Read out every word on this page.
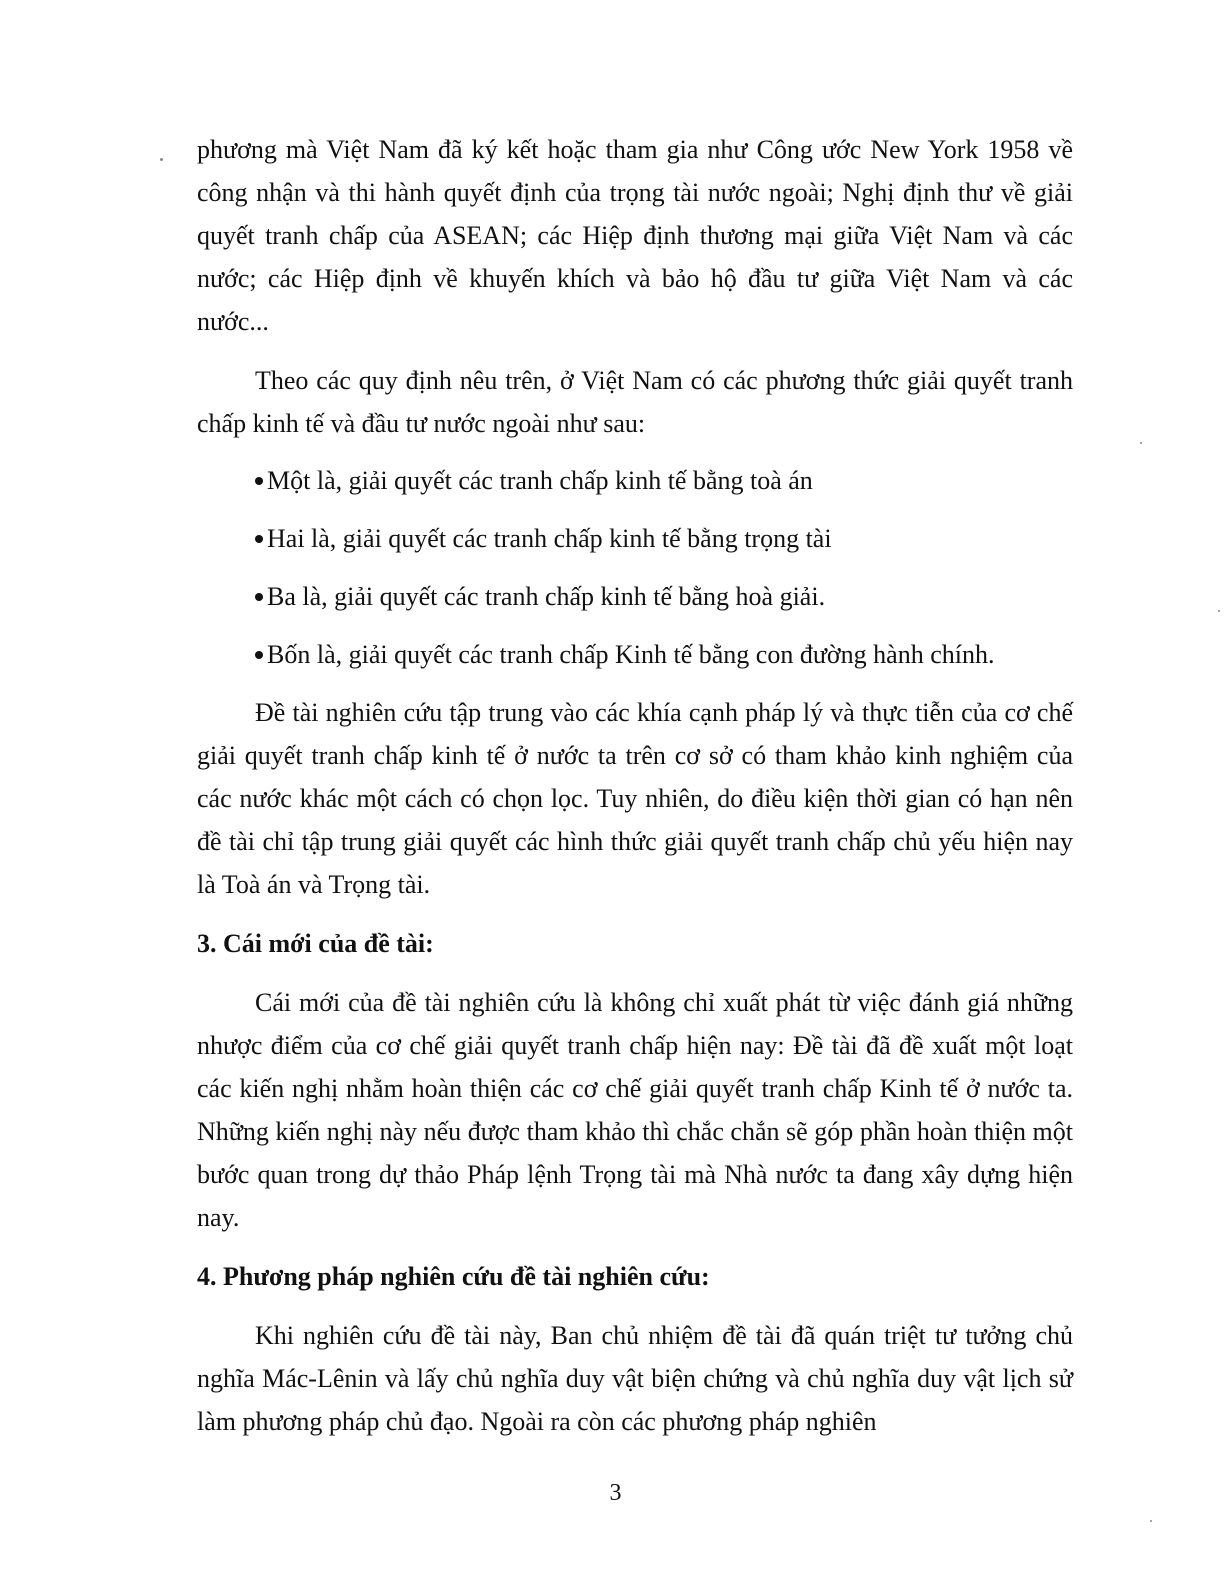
phương mà Việt Nam đã ký kết hoặc tham gia như Công ước New York 1958 về công nhận và thi hành quyết định của trọng tài nước ngoài; Nghị định thư về giải quyết tranh chấp của ASEAN; các Hiệp định thương mại giữa Việt Nam và các nước; các Hiệp định về khuyến khích và bảo hộ đầu tư giữa Việt Nam và các nước...

Theo các quy định nêu trên, ở Việt Nam có các phương thức giải quyết tranh chấp kinh tế và đầu tư nước ngoài như sau:

Một là, giải quyết các tranh chấp kinh tế bằng toà án
Hai là, giải quyết các tranh chấp kinh tế bằng trọng tài
Ba là, giải quyết các tranh chấp kinh tế bằng hoà giải.
Bốn là, giải quyết các tranh chấp Kinh tế bằng con đường hành chính.

Đề tài nghiên cứu tập trung vào các khía cạnh pháp lý và thực tiễn của cơ chế giải quyết tranh chấp kinh tế ở nước ta trên cơ sở có tham khảo kinh nghiệm của các nước khác một cách có chọn lọc. Tuy nhiên, do điều kiện thời gian có hạn nên đề tài chỉ tập trung giải quyết các hình thức giải quyết tranh chấp chủ yếu hiện nay là Toà án và Trọng tài.

3. Cái mới của đề tài:

Cái mới của đề tài nghiên cứu là không chỉ xuất phát từ việc đánh giá những nhược điểm của cơ chế giải quyết tranh chấp hiện nay: Đề tài đã đề xuất một loạt các kiến nghị nhằm hoàn thiện các cơ chế giải quyết tranh chấp Kinh tế ở nước ta. Những kiến nghị này nếu được tham khảo thì chắc chắn sẽ góp phần hoàn thiện một bước quan trong dự thảo Pháp lệnh Trọng tài mà Nhà nước ta đang xây dựng hiện nay.

4. Phương pháp nghiên cứu đề tài nghiên cứu:

Khi nghiên cứu đề tài này, Ban chủ nhiệm đề tài đã quán triệt tư tưởng chủ nghĩa Mác-Lênin và lấy chủ nghĩa duy vật biện chứng và chủ nghĩa duy vật lịch sử làm phương pháp chủ đạo. Ngoài ra còn các phương pháp nghiên

3
